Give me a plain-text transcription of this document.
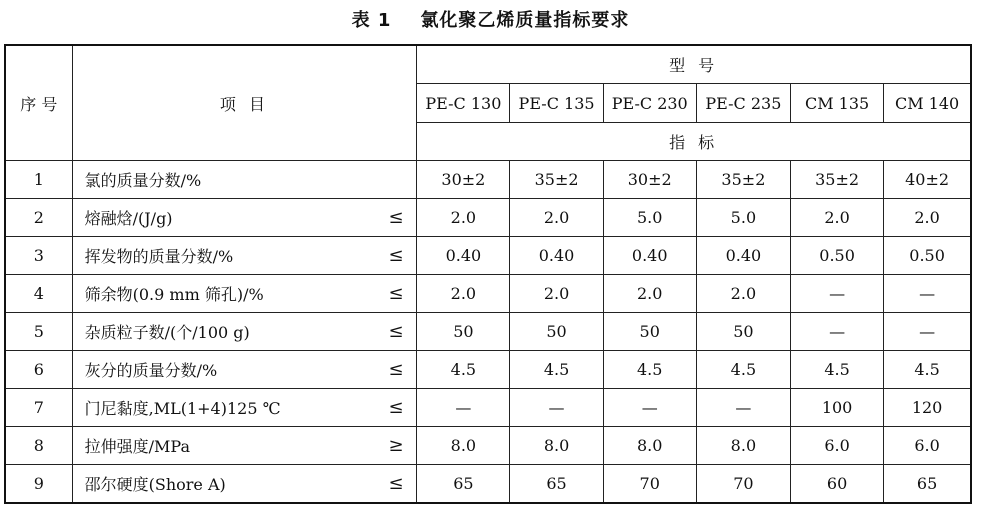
表 1 氯化聚乙烯质量指标要求
序 号	项 目		型 号					
			PE-C 130	PE-C 135	PE-C 230	PE-C 235	CM 135	CM 140
			指 标					
1	氯的质量分数/%		30±2	35±2	30±2	35±2	35±2	40±2
2	熔融焓/(J/g)	≤	2.0	2.0	5.0	5.0	2.0	2.0
3	挥发物的质量分数/%	≤	0.40	0.40	0.40	0.40	0.50	0.50
4	筛余物(0.9 mm 筛孔)/%	≤	2.0	2.0	2.0	2.0	—	—
5	杂质粒子数/(个/100 g)	≤	50	50	50	50	—	—
6	灰分的质量分数/%	≤	4.5	4.5	4.5	4.5	4.5	4.5
7	门尼黏度,ML(1+4)125 ℃	≤	—	—	—	—	100	120
8	拉伸强度/MPa	≥	8.0	8.0	8.0	8.0	6.0	6.0
9	邵尔硬度(Shore A)	≤	65	65	70	70	60	65
